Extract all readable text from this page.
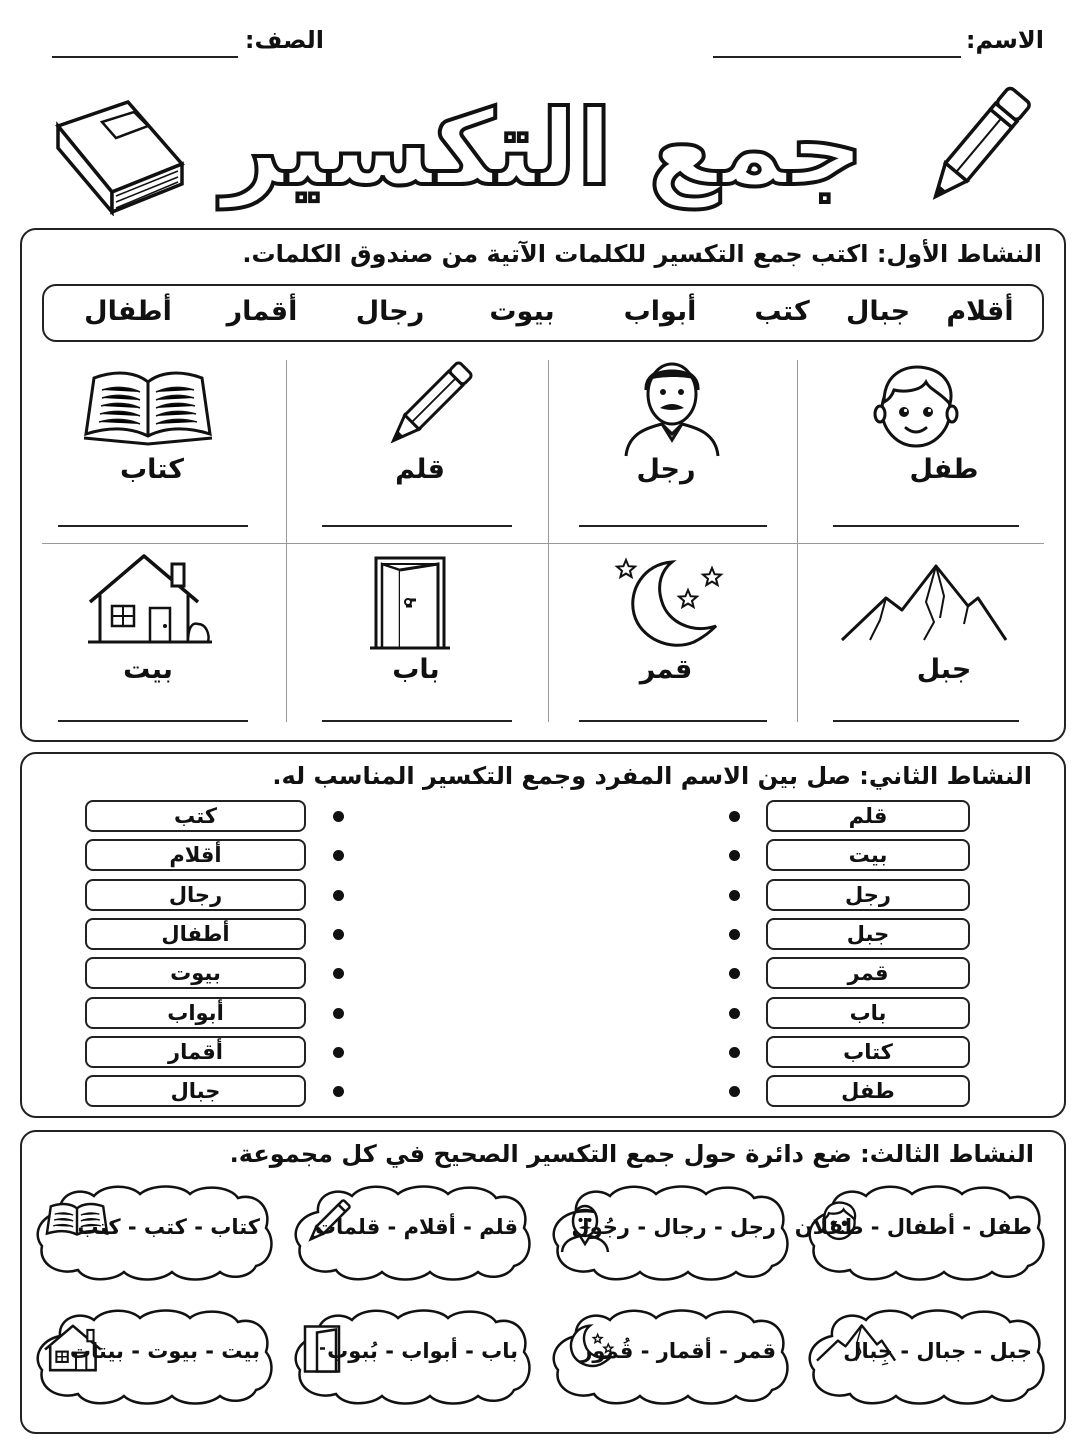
الاسم:
الصف:
جمع التكسير
النشاط الأول: اكتب جمع التكسير للكلمات الآتية من صندوق الكلمات.
أقلام
جبال
كتب
أبواب
بيوت
رجال
أقمار
أطفال
طفل
رجل
قلم
كتاب
جبل
قمر
باب
بيت
النشاط الثاني: صل بين الاسم المفرد وجمع التكسير المناسب له.
قلم
بيت
رجل
جبل
قمر
باب
كتاب
طفل
كتب
أقلام
رجال
أطفال
بيوت
أبواب
أقمار
جبال
النشاط الثالث: ضع دائرة حول جمع التكسير الصحيح في كل مجموعة.
طفل - أطفال - طفلان
رجل - رجال - رجُول
قلم - أقلام - قلمات
كتاب - كتب - كتب
جبل - جبال - جِبال
قمر - أقمار - قُمور
باب - أبواب - بُبوب
بيت - بيوت - بيتات
